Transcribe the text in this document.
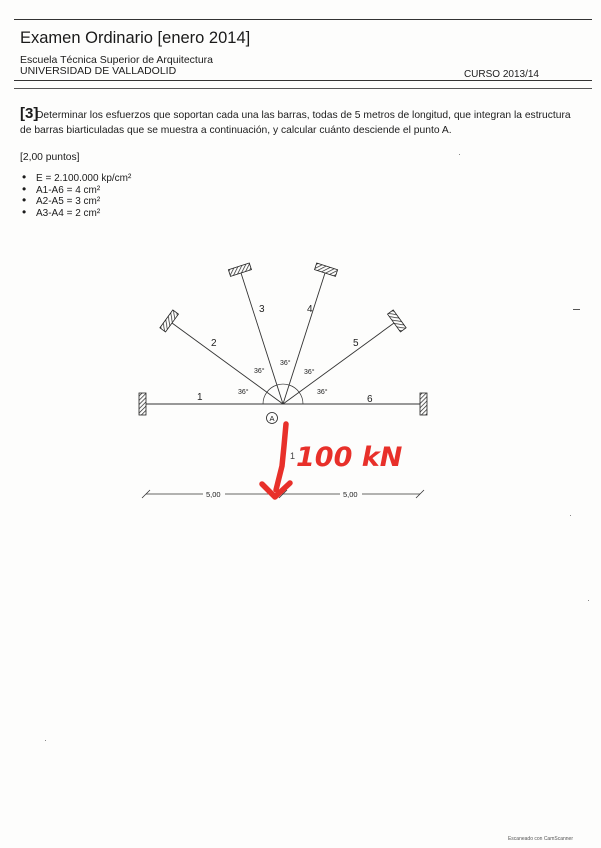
Examen Ordinario [enero 2014]
Escuela Técnica Superior de Arquitectura
UNIVERSIDAD DE VALLADOLID	CURSO 2013/14
[3]
Determinar los esfuerzos que soportan cada una las barras, todas de 5 metros de longitud, que integran la estructura
de barras biarticuladas que se muestra a continuación, y calcular cuánto desciende el punto A.
[2,00 puntos]
• E = 2.100.000 kp/cm²
• A1-A6 = 4 cm²
• A2-A5 = 3 cm²
• A3-A4 = 2 cm²
1
2
3	4
5
6
36°
36°
36°
36°
36°
A
1
5,00	5,00
100 kN
Escaneado con CamScanner
